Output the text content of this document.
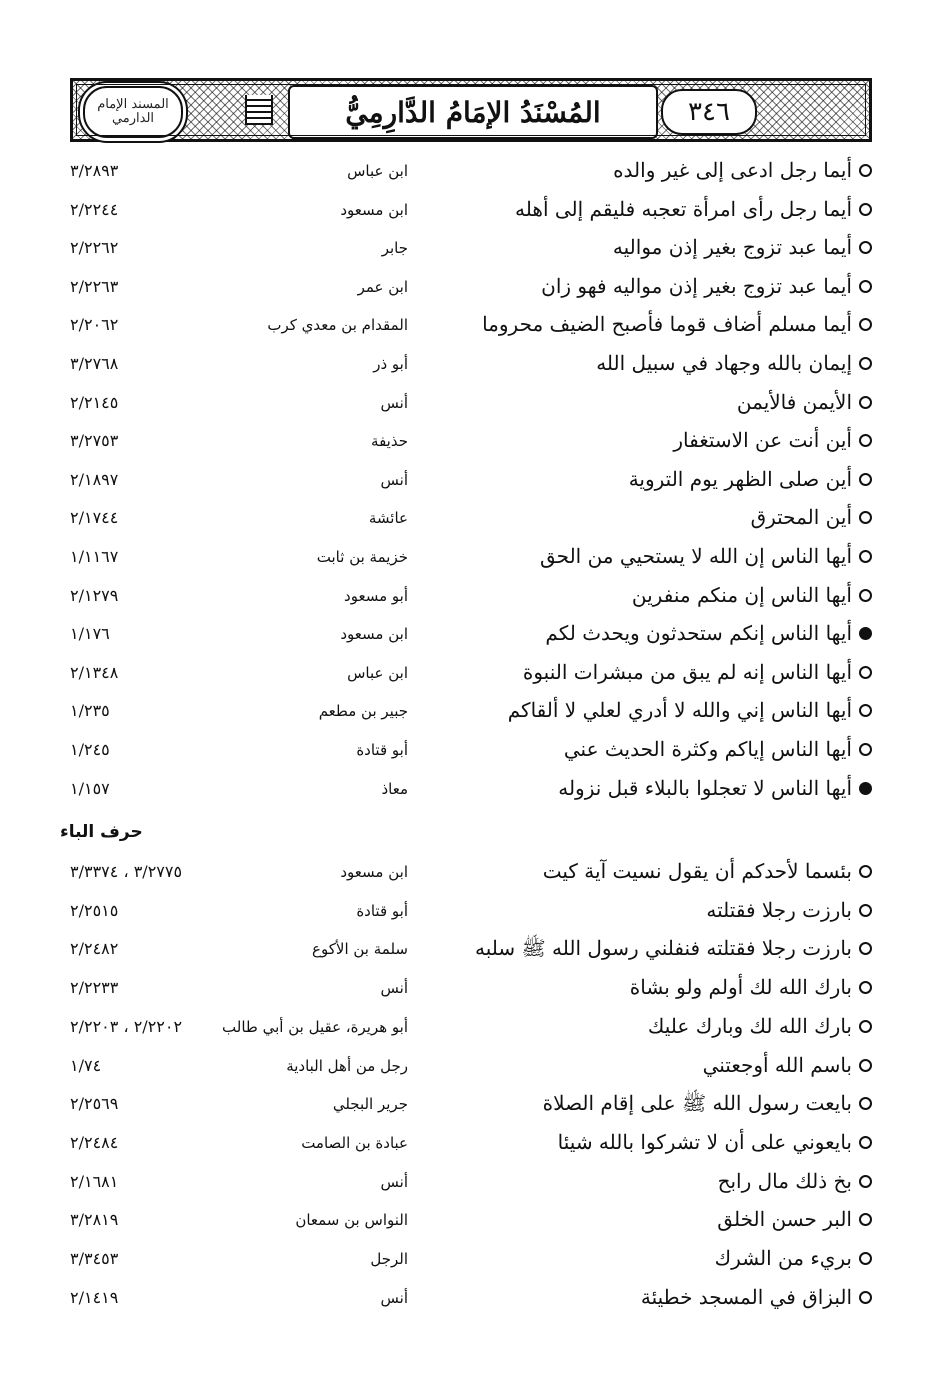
المسند الإمام الدارمي	المُسْنَدُ الإمَامُ الدَّارِمِيُّ	٣٤٦
أيما رجل ادعى إلى غير والده
ابن عباس
٣/٢٨٩٣
أيما رجل رأى امرأة تعجبه فليقم إلى أهله
ابن مسعود
٢/٢٢٤٤
أيما عبد تزوج بغير إذن مواليه
جابر
٢/٢٢٦٢
أيما عبد تزوج بغير إذن مواليه فهو زان
ابن عمر
٢/٢٢٦٣
أيما مسلم أضاف قوما فأصبح الضيف محروما
المقدام بن معدي كرب
٢/٢٠٦٢
إيمان بالله وجهاد في سبيل الله
أبو ذر
٣/٢٧٦٨
الأيمن فالأيمن
أنس
٢/٢١٤٥
أين أنت عن الاستغفار
حذيفة
٣/٢٧٥٣
أين صلى الظهر يوم التروية
أنس
٢/١٨٩٧
أين المحترق
عائشة
٢/١٧٤٤
أيها الناس إن الله لا يستحيي من الحق
خزيمة بن ثابت
١/١١٦٧
أيها الناس إن منكم منفرين
أبو مسعود
٢/١٢٧٩
أيها الناس إنكم ستحدثون ويحدث لكم
ابن مسعود
١/١٧٦
أيها الناس إنه لم يبق من مبشرات النبوة
ابن عباس
٢/١٣٤٨
أيها الناس إني والله لا أدري لعلي لا ألقاكم
جبير بن مطعم
١/٢٣٥
أيها الناس إياكم وكثرة الحديث عني
أبو قتادة
١/٢٤٥
أيها الناس لا تعجلوا بالبلاء قبل نزوله
معاذ
١/١٥٧
بئسما لأحدكم أن يقول نسيت آية كيت
ابن مسعود
٣/٢٧٧٥ ، ٣/٣٣٧٤
بارزت رجلا فقتلته
أبو قتادة
٢/٢٥١٥
بارزت رجلا فقتلته فنفلني رسول الله ﷺ سلبه
سلمة بن الأكوع
٢/٢٤٨٢
بارك الله لك أولم ولو بشاة
أنس
٢/٢٢٣٣
بارك الله لك وبارك عليك
أبو هريرة، عقيل بن أبي طالب
٢/٢٢٠٢ ، ٢/٢٢٠٣
باسم الله أوجعتني
رجل من أهل البادية
١/٧٤
بايعت رسول الله ﷺ على إقام الصلاة
جرير البجلي
٢/٢٥٦٩
بايعوني على أن لا تشركوا بالله شيئا
عبادة بن الصامت
٢/٢٤٨٤
بخ ذلك مال رابح
أنس
٢/١٦٨١
البر حسن الخلق
النواس بن سمعان
٣/٢٨١٩
بريء من الشرك
الرجل
٣/٣٤٥٣
البزاق في المسجد خطيئة
أنس
٢/١٤١٩
حرف الباء
